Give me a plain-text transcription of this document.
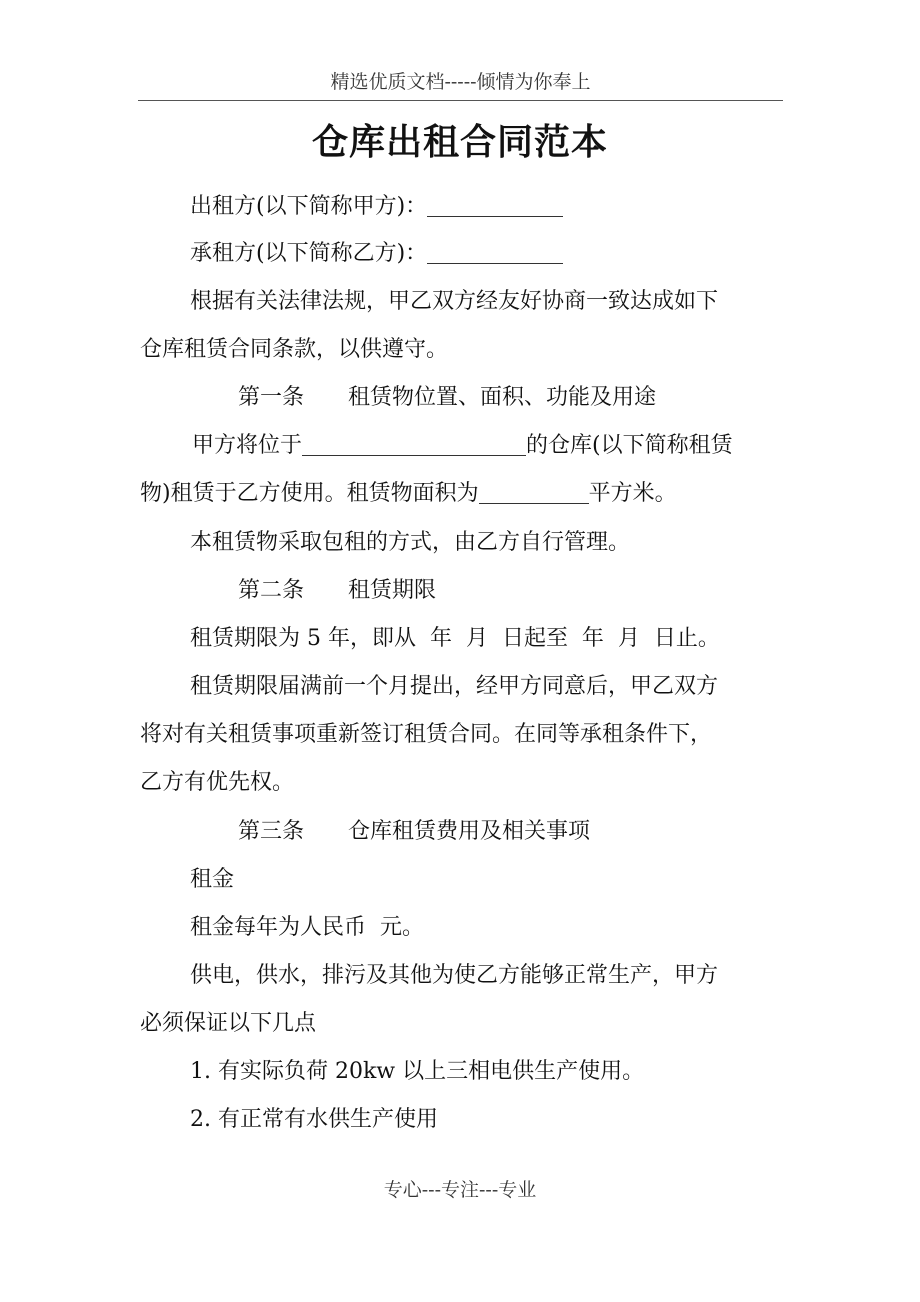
精选优质文档-----倾情为你奉上
仓库出租合同范本
出租方(以下简称甲方)：
承租方(以下简称乙方)：
根据有关法律法规，甲乙双方经友好协商一致达成如下
仓库租赁合同条款，以供遵守。
第一条　　租赁物位置、面积、功能及用途
甲方将位于	的仓库(以下简称租赁
物)租赁于乙方使用。租赁物面积为	平方米。
本租赁物采取包租的方式，由乙方自行管理。
第二条　　租赁期限
租赁期限为 5 年，即从  年  月  日起至  年  月  日止。
租赁期限届满前一个月提出，经甲方同意后，甲乙双方
将对有关租赁事项重新签订租赁合同。在同等承租条件下，
乙方有优先权。
第三条　　仓库租赁费用及相关事项
租金
租金每年为人民币  元。
供电，供水，排污及其他为使乙方能够正常生产，甲方
必须保证以下几点
1. 有实际负荷 20kw 以上三相电供生产使用。
2. 有正常有水供生产使用
专心---专注---专业
